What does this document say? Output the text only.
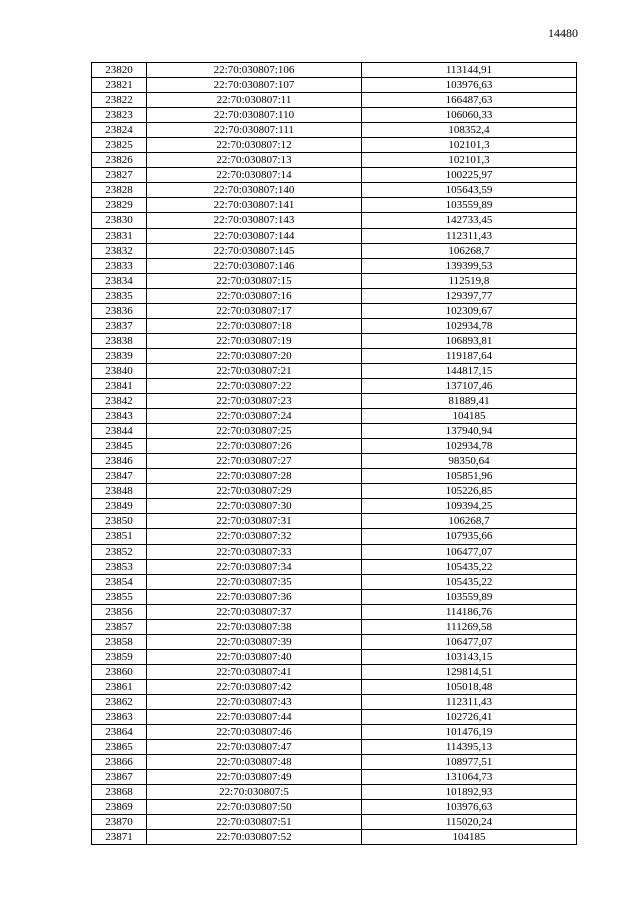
14480
23820	22:70:030807:106	113144,91
23821	22:70:030807:107	103976,63
23822	22:70:030807:11	166487,63
23823	22:70:030807:110	106060,33
23824	22:70:030807:111	108352,4
23825	22:70:030807:12	102101,3
23826	22:70:030807:13	102101,3
23827	22:70:030807:14	100225,97
23828	22:70:030807:140	105643,59
23829	22:70:030807:141	103559,89
23830	22:70:030807:143	142733,45
23831	22:70:030807:144	112311,43
23832	22:70:030807:145	106268,7
23833	22:70:030807:146	139399,53
23834	22:70:030807:15	112519,8
23835	22:70:030807:16	129397,77
23836	22:70:030807:17	102309,67
23837	22:70:030807:18	102934,78
23838	22:70:030807:19	106893,81
23839	22:70:030807:20	119187,64
23840	22:70:030807:21	144817,15
23841	22:70:030807:22	137107,46
23842	22:70:030807:23	81889,41
23843	22:70:030807:24	104185
23844	22:70:030807:25	137940,94
23845	22:70:030807:26	102934,78
23846	22:70:030807:27	98350,64
23847	22:70:030807:28	105851,96
23848	22:70:030807:29	105226,85
23849	22:70:030807:30	109394,25
23850	22:70:030807:31	106268,7
23851	22:70:030807:32	107935,66
23852	22:70:030807:33	106477,07
23853	22:70:030807:34	105435,22
23854	22:70:030807:35	105435,22
23855	22:70:030807:36	103559,89
23856	22:70:030807:37	114186,76
23857	22:70:030807:38	111269,58
23858	22:70:030807:39	106477,07
23859	22:70:030807:40	103143,15
23860	22:70:030807:41	129814,51
23861	22:70:030807:42	105018,48
23862	22:70:030807:43	112311,43
23863	22:70:030807:44	102726,41
23864	22:70:030807:46	101476,19
23865	22:70:030807:47	114395,13
23866	22:70:030807:48	108977,51
23867	22:70:030807:49	131064,73
23868	22:70:030807:5	101892,93
23869	22:70:030807:50	103976,63
23870	22:70:030807:51	115020,24
23871	22:70:030807:52	104185
